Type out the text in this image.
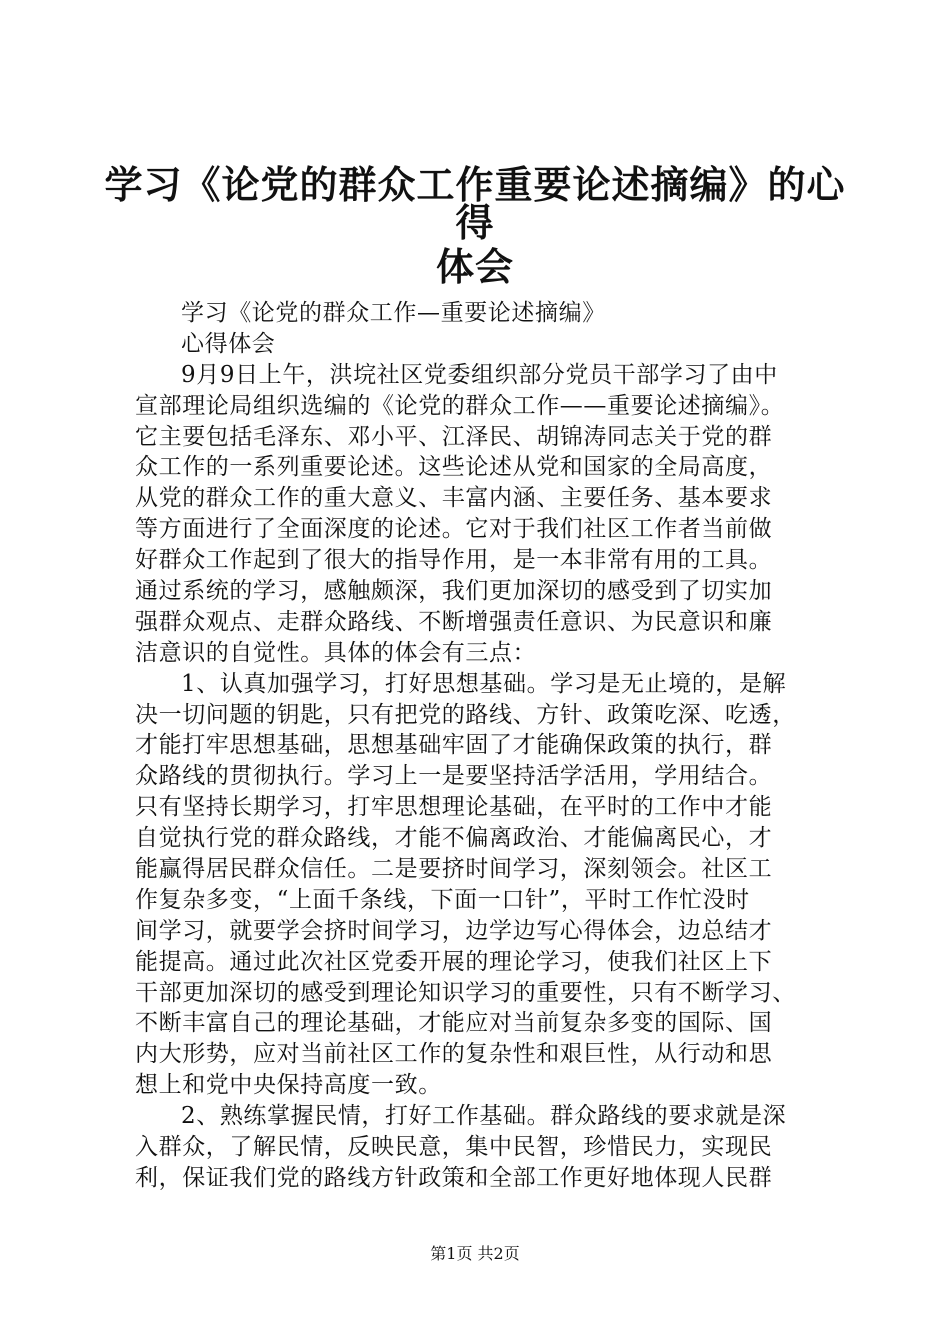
学习《论党的群众工作重要论述摘编》的心得
体会
学习《论党的群众工作—重要论述摘编》
心得体会
9月9日上午，洪垸社区党委组织部分党员干部学习了由中
宣部理论局组织选编的《论党的群众工作——重要论述摘编》。
它主要包括毛泽东、邓小平、江泽民、胡锦涛同志关于党的群
众工作的一系列重要论述。这些论述从党和国家的全局高度，
从党的群众工作的重大意义、丰富内涵、主要任务、基本要求
等方面进行了全面深度的论述。它对于我们社区工作者当前做
好群众工作起到了很大的指导作用，是一本非常有用的工具。
通过系统的学习，感触颇深，我们更加深切的感受到了切实加
强群众观点、走群众路线、不断增强责任意识、为民意识和廉
洁意识的自觉性。具体的体会有三点：
1、认真加强学习，打好思想基础。学习是无止境的，是解
决一切问题的钥匙，只有把党的路线、方针、政策吃深、吃透，
才能打牢思想基础，思想基础牢固了才能确保政策的执行，群
众路线的贯彻执行。学习上一是要坚持活学活用，学用结合。
只有坚持长期学习，打牢思想理论基础，在平时的工作中才能
自觉执行党的群众路线，才能不偏离政治、才能偏离民心，才
能赢得居民群众信任。二是要挤时间学习，深刻领会。社区工
作复杂多变，“上面千条线，下面一口针”，平时工作忙没时
间学习，就要学会挤时间学习，边学边写心得体会，边总结才
能提高。通过此次社区党委开展的理论学习，使我们社区上下
干部更加深切的感受到理论知识学习的重要性，只有不断学习、
不断丰富自己的理论基础，才能应对当前复杂多变的国际、国
内大形势，应对当前社区工作的复杂性和艰巨性，从行动和思
想上和党中央保持高度一致。
2、熟练掌握民情，打好工作基础。群众路线的要求就是深
入群众，了解民情，反映民意，集中民智，珍惜民力，实现民
利，保证我们党的路线方针政策和全部工作更好地体现人民群
第1页 共2页
